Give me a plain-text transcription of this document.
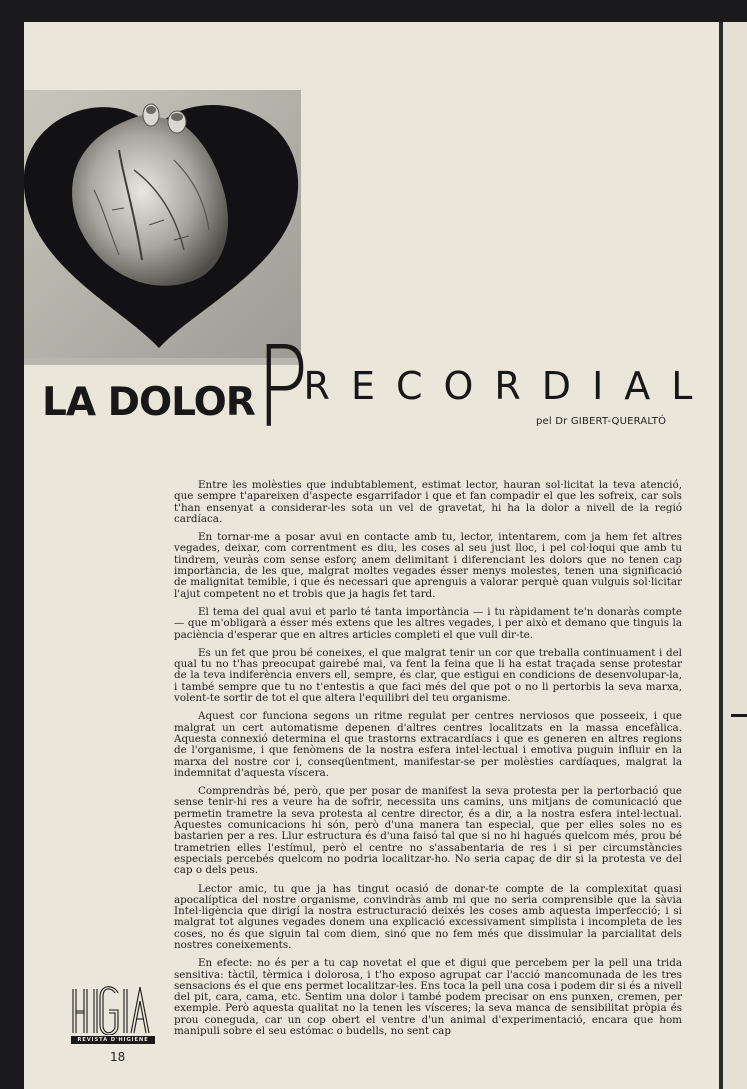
LA DOLOR PRECORDIAL
pel Dr GIBERT-QUERALTÓ

Entre les molèsties que indubtablement, estimat lector, hauran sol·licitat la teva atenció, que sempre t'apareixen d'aspecte esgarrifador i que et fan compadir el que les sofreix, car sols t'han ensenyat a considerar-les sota un vel de gravetat, hi ha la dolor a nivell de la regió cardíaca.

En tornar-me a posar avui en contacte amb tu, lector, intentarem, com ja hem fet altres vegades, deixar, com correntment es diu, les coses al seu just lloc, i pel col·loqui que amb tu tindrem, veuràs com sense esforç anem delimitant i diferenciant les dolors que no tenen cap importància, de les que, malgrat moltes vegades ésser menys molestes, tenen una significació de malignitat temible, i que és necessari que aprenguis a valorar perquè quan vulguis sol·licitar l'ajut competent no et trobis que ja hagis fet tard.

El tema del qual avui et parlo té tanta importància — i tu ràpidament te'n donaràs compte — que m'obligarà a ésser més extens que les altres vegades, i per això et demano que tinguis la paciència d'esperar que en altres articles completi el que vull dir-te.

Es un fet que prou bé coneixes, el que malgrat tenir un cor que treballa continuament i del qual tu no t'has preocupat gairebé mai, va fent la feina que li ha estat traçada sense protestar de la teva indiferència envers ell, sempre, és clar, que estigui en condicions de desenvolupar-la, i també sempre que tu no t'entestis a que faci més del que pot o no li pertorbis la seva marxa, volent-te sortir de tot el que altera l'equilibri del teu organisme.

Aquest cor funciona segons un ritme regulat per centres nerviosos que posseeix, i que malgrat un cert automatisme depenen d'altres centres localitzats en la massa encefàlica. Aquesta connexió determina el que trastorns extracardíacs i que es generen en altres regions de l'organisme, i que fenòmens de la nostra esfera intel·lectual i emotiva puguin influir en la marxa del nostre cor i, conseqüentment, manifestar-se per molèsties cardíaques, malgrat la indemnitat d'aquesta víscera.

Comprendràs bé, però, que per posar de manifest la seva protesta per la pertorbació que sense tenir-hi res a veure ha de sofrir, necessita uns camins, uns mitjans de comunicació que permetin trametre la seva protesta al centre director, és a dir, a la nostra esfera intel·lectual. Aquestes comunicacions hi són, però d'una manera tan especial, que per elles soles no es bastarien per a res. Llur estructura és d'una faisó tal que si no hi hagués quelcom més, prou bé trametrien elles l'estímul, però el centre no s'assabentaria de res i si per circumstàncies especials percebés quelcom no podria localitzar-ho. No seria capaç de dir si la protesta ve del cap o dels peus.

Lector amic, tu que ja has tingut ocasió de donar-te compte de la complexitat quasi apocalíptica del nostre organisme, convindràs amb mi que no seria comprensible que la sàvia Intel·ligència que dirigí la nostra estructuració deixés les coses amb aquesta imperfecció; i si malgrat tot algunes vegades donem una explicació excessivament simplista i incompleta de les coses, no és que siguin tal com diem, sinó que no fem més que dissimular la parcialitat dels nostres coneixements.

En efecte: no és per a tu cap novetat el que et digui que percebem per la pell una trida sensitiva: tàctil, tèrmica i dolorosa, i t'ho exposo agrupat car l'acció mancomunada de les tres sensacions és el que ens permet localitzar-les. Ens toca la pell una cosa i podem dir si és a nivell del pit, cara, cama, etc. Sentim una dolor i també podem precisar on ens punxen, cremen, per exemple. Però aquesta qualitat no la tenen les vísceres; la seva manca de sensibilitat pròpia és prou coneguda, car un cop obert el ventre d'un animal d'experimentació, encara que hom manipuli sobre el seu estómac o budells, no sent cap

REVISTA D'HIGIENE
18
